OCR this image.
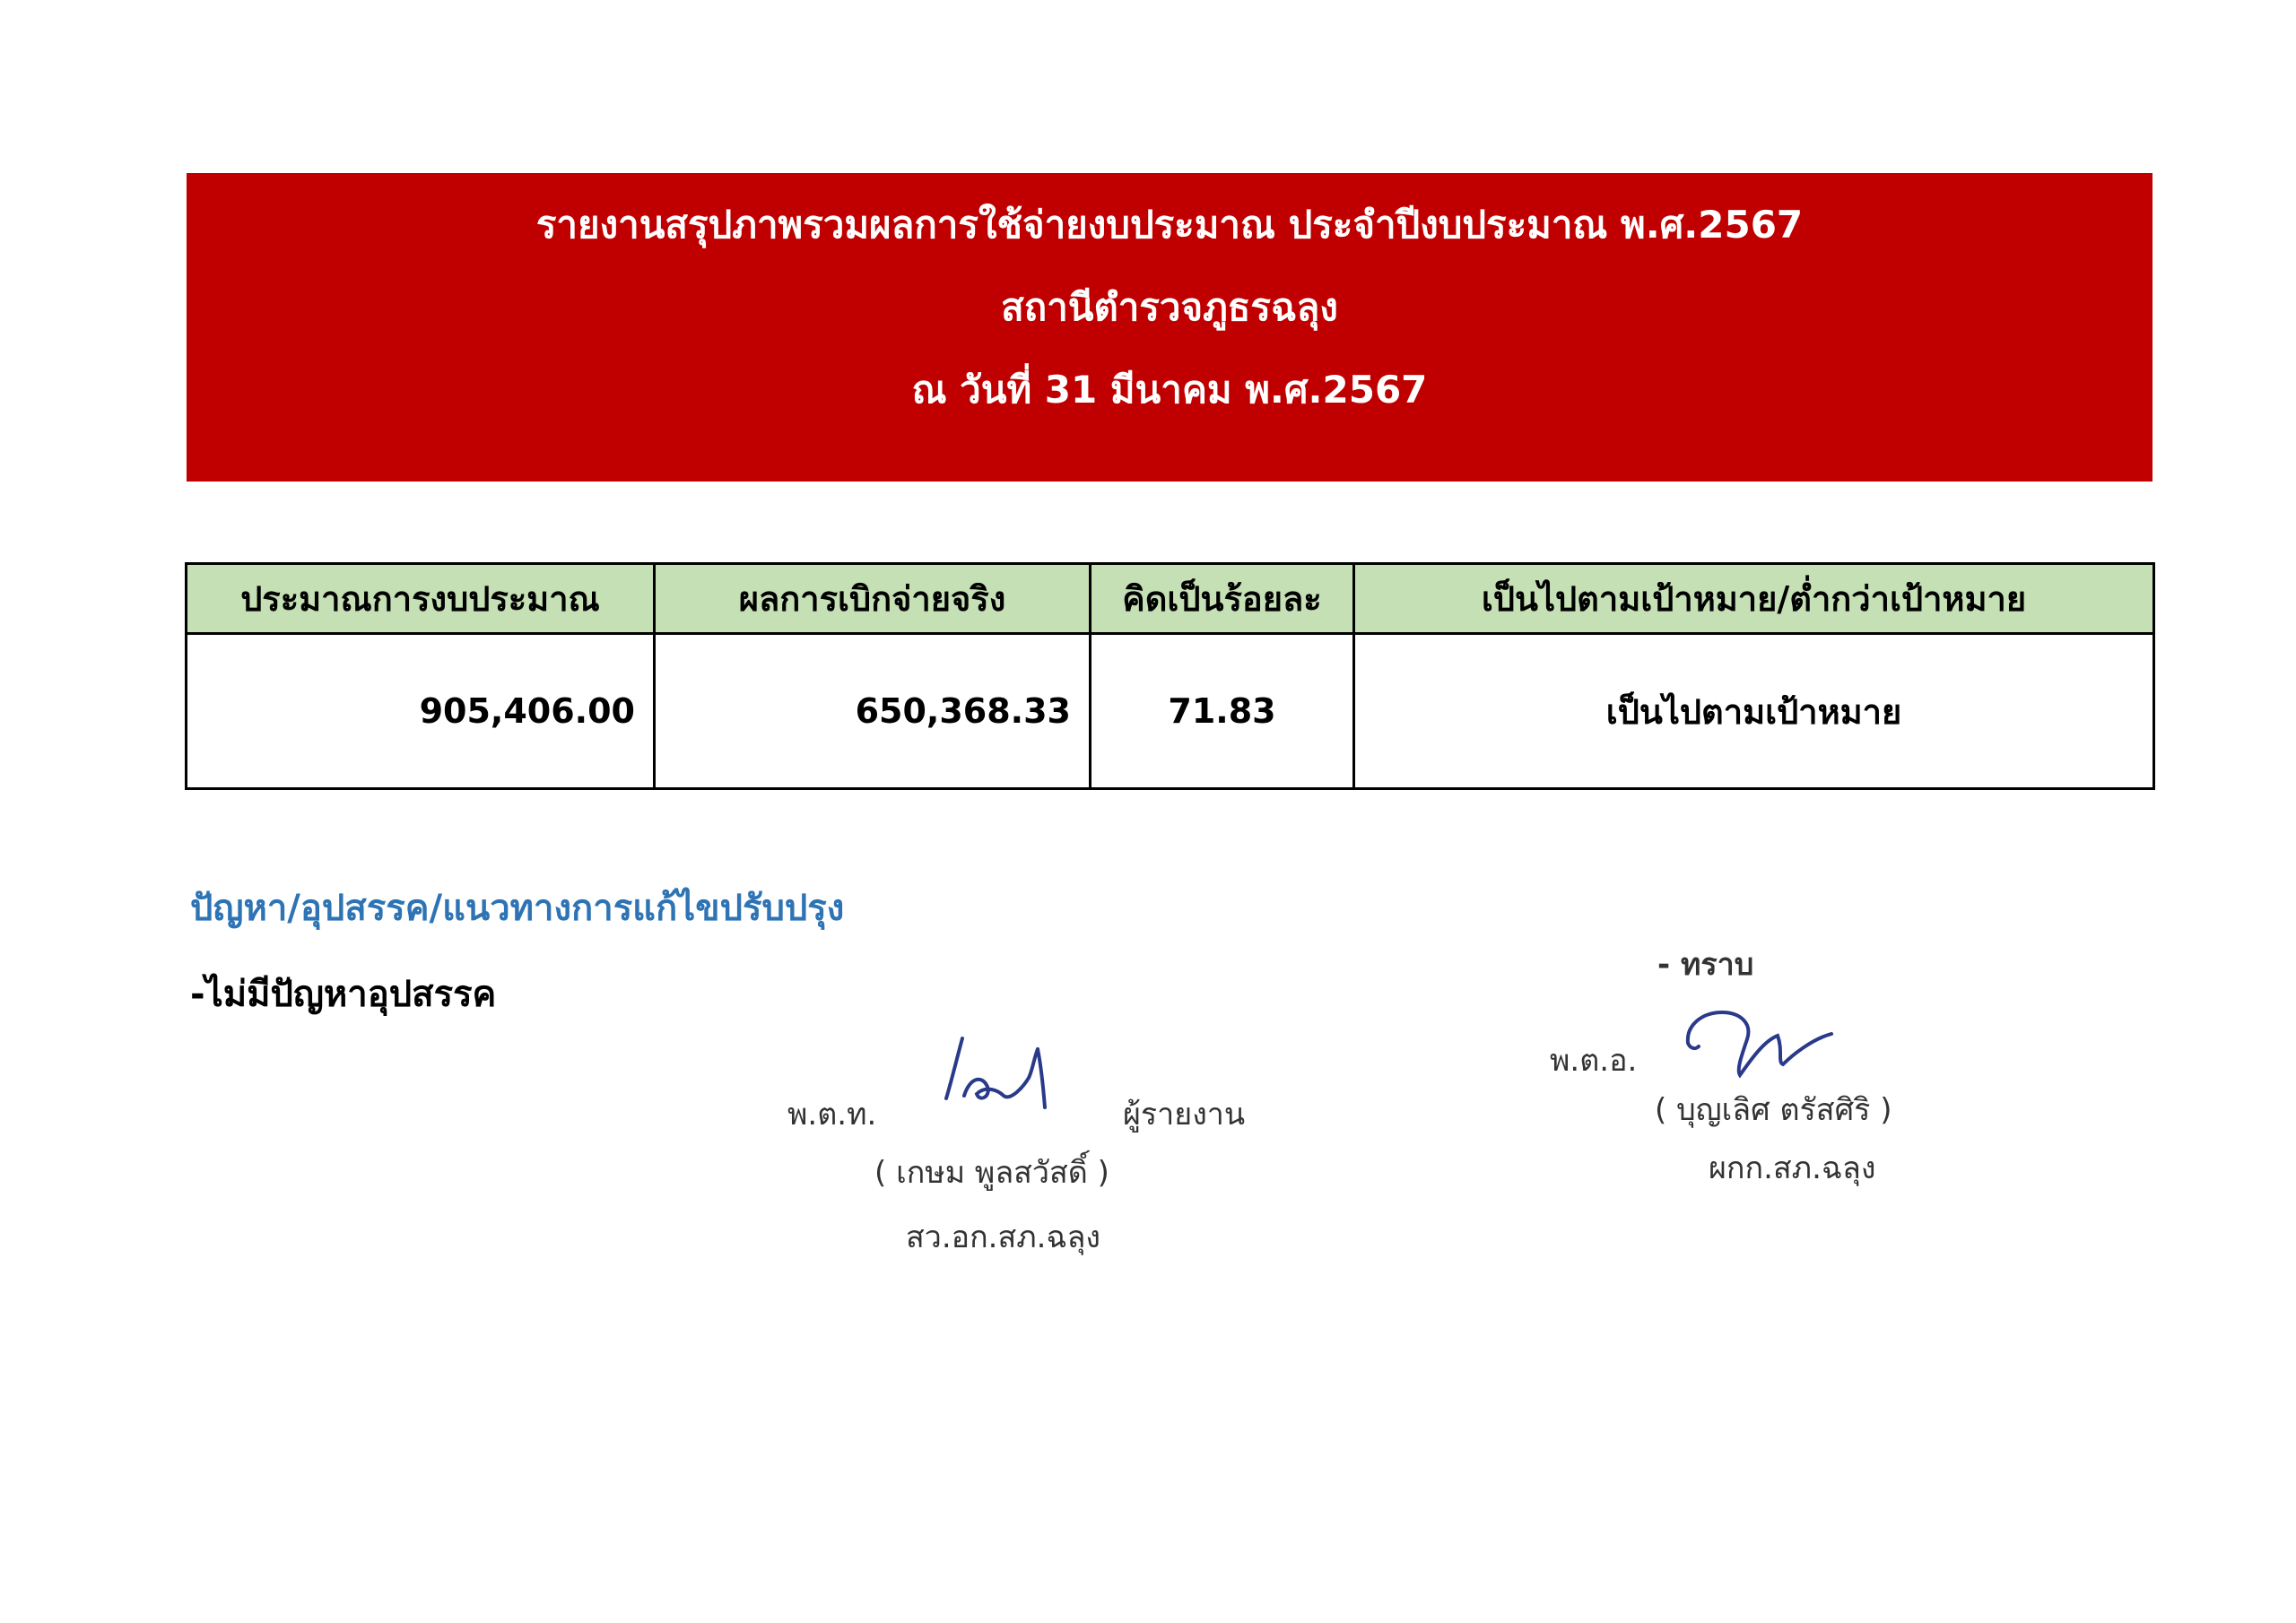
รายงานสรุปภาพรวมผลการใช้จ่ายงบประมาณ ประจำปีงบประมาณ พ.ศ.2567
สถานีตำรวจภูธรฉลุง
ณ วันที่ 31 มีนาคม พ.ศ.2567
ประมาณการงบประมาณ	ผลการเบิกจ่ายจริง	คิดเป็นร้อยละ	เป็นไปตามเป้าหมาย/ต่ำกว่าเป้าหมาย
905,406.00	650,368.33	71.83	เป็นไปตามเป้าหมาย
ปัญหา/อุปสรรค/แนวทางการแก้ไขปรับปรุง
-ไม่มีปัญหาอุปสรรค
พ.ต.ท.	ผู้รายงาน
( เกษม พูลสวัสดิ์ )
สว.อก.สภ.ฉลุง
- ทราบ
พ.ต.อ.
( บุญเลิศ ตรัสศิริ )
ผกก.สภ.ฉลุง
